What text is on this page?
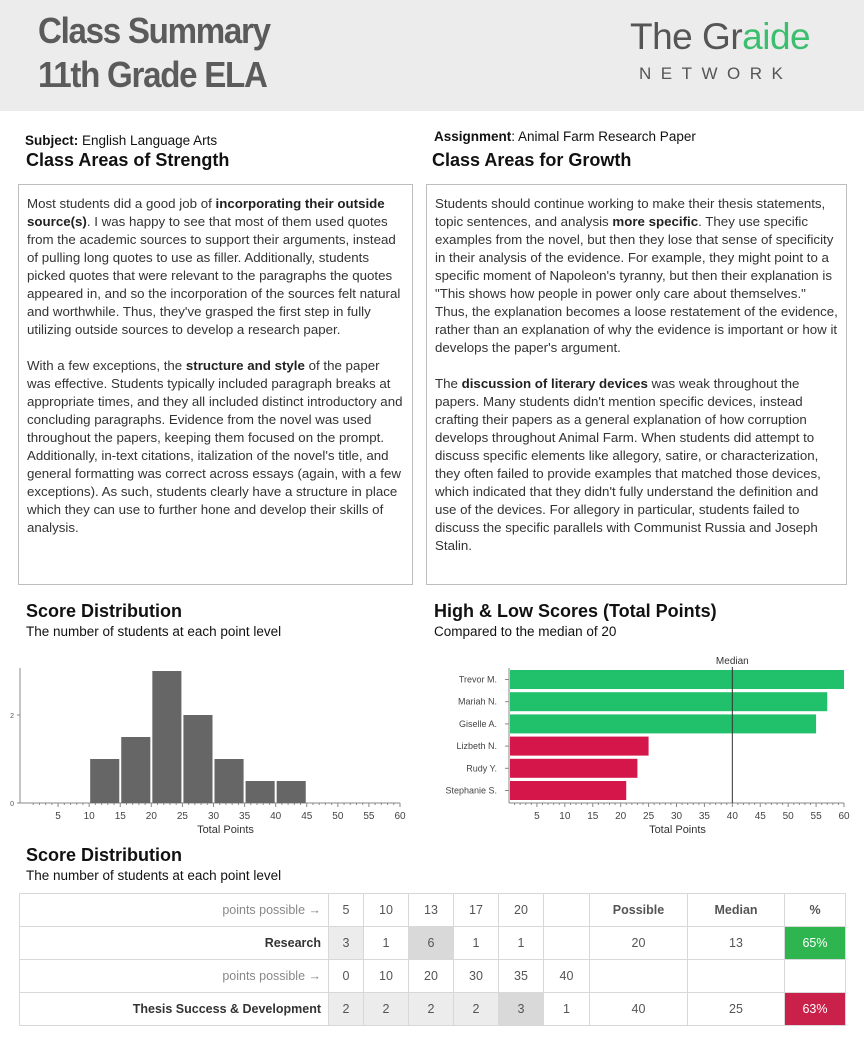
Class Summary
11th Grade ELA
The Graide
NETWORK
Subject: English Language Arts	Assignment: Animal Farm Research Paper
Class Areas of Strength	Class Areas for Growth

Most students did a good job of incorporating their outside source(s). I was happy to see that most of them used quotes from the academic sources to support their arguments, instead of pulling long quotes to use as filler. Additionally, students picked quotes that were relevant to the paragraphs the quotes appeared in, and so the incorporation of the sources felt natural and worthwhile. Thus, they've grasped the first step in fully utilizing outside sources to develop a research paper.

With a few exceptions, the structure and style of the paper was effective. Students typically included paragraph breaks at appropriate times, and they all included distinct introductory and concluding paragraphs. Evidence from the novel was used throughout the papers, keeping them focused on the prompt. Additionally, in-text citations, italization of the novel's title, and general formatting was correct across essays (again, with a few exceptions). As such, students clearly have a structure in place which they can use to further hone and develop their skills of analysis.

Students should continue working to make their thesis statements, topic sentences, and analysis more specific. They use specific examples from the novel, but then they lose that sense of specificity in their analysis of the evidence. For example, they might point to a specific moment of Napoleon's tyranny, but then their explanation is "This shows how people in power only care about themselves." Thus, the explanation becomes a loose restatement of the evidence, rather than an explanation of why the evidence is important or how it develops the paper's argument.

The discussion of literary devices was weak throughout the papers. Many students didn't mention specific devices, instead crafting their papers as a general explanation of how corruption develops throughout Animal Farm. When students did attempt to discuss specific elements like allegory, satire, or characterization, they often failed to provide examples that matched those devices, which indicated that they didn't fully understand the definition and use of the devices. For allegory in particular, students failed to discuss the specific parallels with Communist Russia and Joseph Stalin.

Score Distribution
The number of students at each point level
High & Low Scores (Total Points)
Compared to the median of 20
0
2
5 10 15 20 25 30 35 40 45 50 55 60
Total Points
Trevor M.
Mariah N.
Giselle A.
Lizbeth N.
Rudy Y.
Stephanie S.
Median
5 10 15 20 25 30 35 40 45 50 55 60
Total Points
Score Distribution
The number of students at each point level
points possible →	5	10	13	17	20		Possible	Median	%
Research	3	1	6	1	1		20	13	65%
points possible →	0	10	20	30	35	40			
Thesis Success & Development	2	2	2	2	3	1	40	25	63%
